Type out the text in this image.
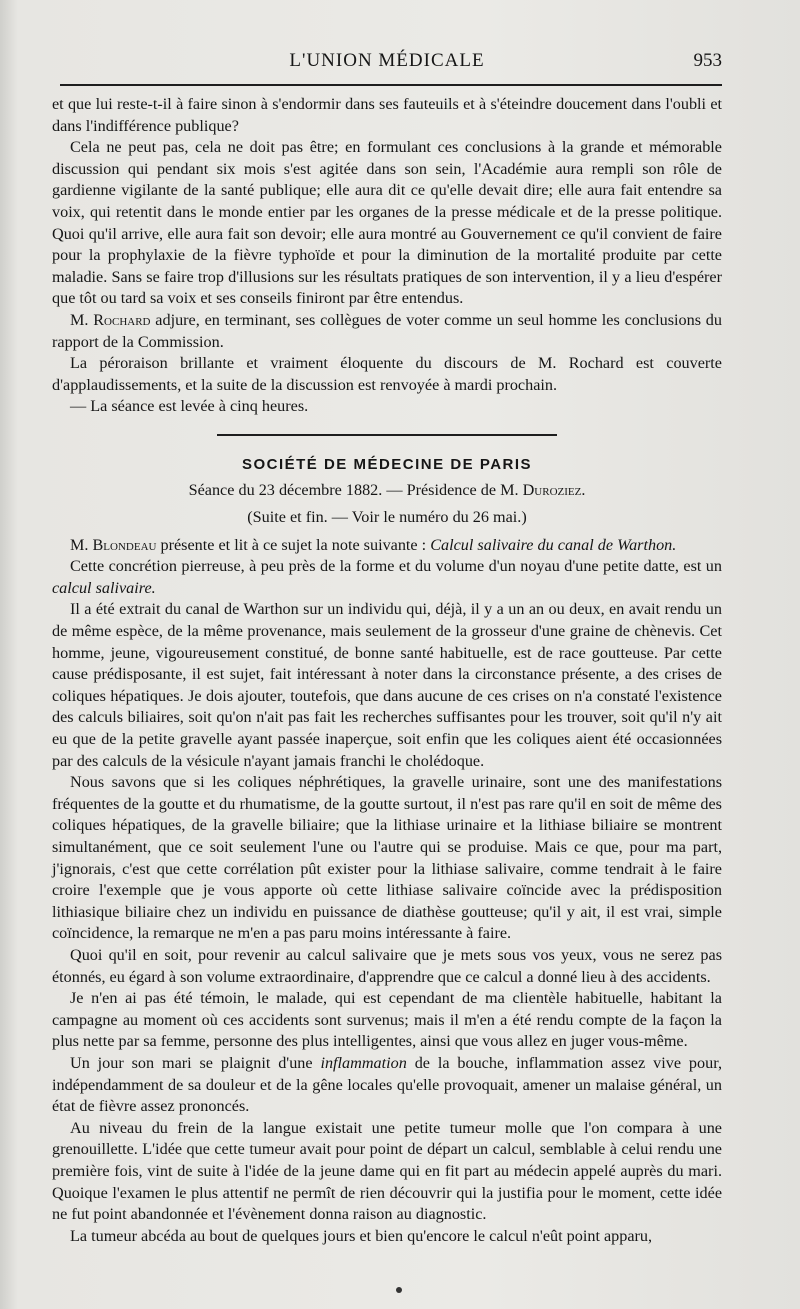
L'UNION MÉDICALE	953

et que lui reste-t-il à faire sinon à s'endormir dans ses fauteuils et à s'éteindre doucement dans l'oubli et dans l'indifférence publique?

Cela ne peut pas, cela ne doit pas être; en formulant ces conclusions à la grande et mémorable discussion qui pendant six mois s'est agitée dans son sein, l'Académie aura rempli son rôle de gardienne vigilante de la santé publique; elle aura dit ce qu'elle devait dire; elle aura fait entendre sa voix, qui retentit dans le monde entier par les organes de la presse médicale et de la presse politique. Quoi qu'il arrive, elle aura fait son devoir; elle aura montré au Gouvernement ce qu'il convient de faire pour la prophylaxie de la fièvre typhoïde et pour la diminution de la mortalité produite par cette maladie. Sans se faire trop d'illusions sur les résultats pratiques de son intervention, il y a lieu d'espérer que tôt ou tard sa voix et ses conseils finiront par être entendus.

M. Rochard adjure, en terminant, ses collègues de voter comme un seul homme les conclusions du rapport de la Commission.

La péroraison brillante et vraiment éloquente du discours de M. Rochard est couverte d'applaudissements, et la suite de la discussion est renvoyée à mardi prochain.

— La séance est levée à cinq heures.

SOCIÉTÉ DE MÉDECINE DE PARIS

Séance du 23 décembre 1882. — Présidence de M. Duroziez.

(Suite et fin. — Voir le numéro du 26 mai.)

M. Blondeau présente et lit à ce sujet la note suivante : Calcul salivaire du canal de Warthon.

Cette concrétion pierreuse, à peu près de la forme et du volume d'un noyau d'une petite datte, est un calcul salivaire.

Il a été extrait du canal de Warthon sur un individu qui, déjà, il y a un an ou deux, en avait rendu un de même espèce, de la même provenance, mais seulement de la grosseur d'une graine de chènevis. Cet homme, jeune, vigoureusement constitué, de bonne santé habituelle, est de race goutteuse. Par cette cause prédisposante, il est sujet, fait intéressant à noter dans la circonstance présente, a des crises de coliques hépatiques. Je dois ajouter, toutefois, que dans aucune de ces crises on n'a constaté l'existence des calculs biliaires, soit qu'on n'ait pas fait les recherches suffisantes pour les trouver, soit qu'il n'y ait eu que de la petite gravelle ayant passée inaperçue, soit enfin que les coliques aient été occasionnées par des calculs de la vésicule n'ayant jamais franchi le cholédoque.

Nous savons que si les coliques néphrétiques, la gravelle urinaire, sont une des manifestations fréquentes de la goutte et du rhumatisme, de la goutte surtout, il n'est pas rare qu'il en soit de même des coliques hépatiques, de la gravelle biliaire; que la lithiase urinaire et la lithiase biliaire se montrent simultanément, que ce soit seulement l'une ou l'autre qui se produise. Mais ce que, pour ma part, j'ignorais, c'est que cette corrélation pût exister pour la lithiase salivaire, comme tendrait à le faire croire l'exemple que je vous apporte où cette lithiase salivaire coïncide avec la prédisposition lithiasique biliaire chez un individu en puissance de diathèse goutteuse; qu'il y ait, il est vrai, simple coïncidence, la remarque ne m'en a pas paru moins intéressante à faire.

Quoi qu'il en soit, pour revenir au calcul salivaire que je mets sous vos yeux, vous ne serez pas étonnés, eu égard à son volume extraordinaire, d'apprendre que ce calcul a donné lieu à des accidents.

Je n'en ai pas été témoin, le malade, qui est cependant de ma clientèle habituelle, habitant la campagne au moment où ces accidents sont survenus; mais il m'en a été rendu compte de la façon la plus nette par sa femme, personne des plus intelligentes, ainsi que vous allez en juger vous-même.

Un jour son mari se plaignit d'une inflammation de la bouche, inflammation assez vive pour, indépendamment de sa douleur et de la gêne locales qu'elle provoquait, amener un malaise général, un état de fièvre assez prononcés.

Au niveau du frein de la langue existait une petite tumeur molle que l'on compara à une grenouillette. L'idée que cette tumeur avait pour point de départ un calcul, semblable à celui rendu une première fois, vint de suite à l'idée de la jeune dame qui en fit part au médecin appelé auprès du mari. Quoique l'examen le plus attentif ne permît de rien découvrir qui la justifia pour le moment, cette idée ne fut point abandonnée et l'évènement donna raison au diagnostic.

La tumeur abcéda au bout de quelques jours et bien qu'encore le calcul n'eût point apparu,
